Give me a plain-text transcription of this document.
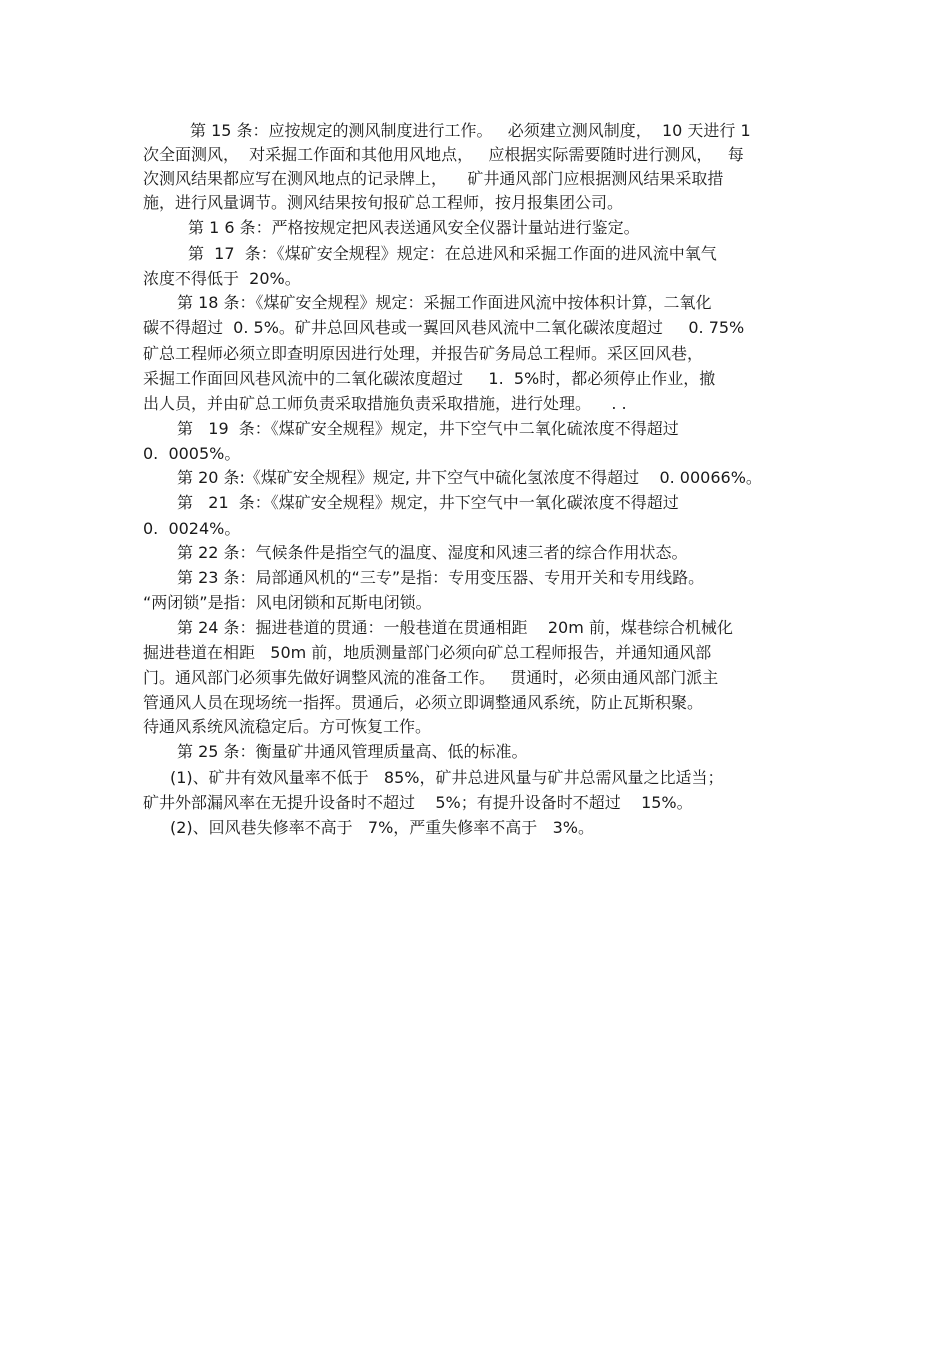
第 15 条：应按规定的测风制度进行工作。   必须建立测风制度，  10 天进行 1
次全面测风，  对采掘工作面和其他用风地点，   应根据实际需要随时进行测风，   每
次测风结果都应写在测风地点的记录牌上，    矿井通风部门应根据测风结果采取措
施，进行风量调节。测风结果按旬报矿总工程师，按月报集团公司。
第 1 6 条：严格按规定把风表送通风安全仪器计量站进行鉴定。
第  17  条：《煤矿安全规程》规定：在总进风和采掘工作面的进风流中氧气
浓度不得低于  20%。
第 18 条：《煤矿安全规程》规定：采掘工作面进风流中按体积计算，二氧化
碳不得超过  0. 5%。矿井总回风巷或一翼回风巷风流中二氧化碳浓度超过     0. 75%
矿总工程师必须立即查明原因进行处理，并报告矿务局总工程师。采区回风巷，
采掘工作面回风巷风流中的二氧化碳浓度超过     1.  5%时，都必须停止作业，撤
出人员，并由矿总工师负责采取措施负责采取措施，进行处理。    . .
第   19  条：《煤矿安全规程》规定，井下空气中二氧化硫浓度不得超过
0.  0005%。
第 20 条:《煤矿安全规程》规定, 井下空气中硫化氢浓度不得超过    0. 00066%。
第   21  条：《煤矿安全规程》规定，井下空气中一氧化碳浓度不得超过
0.  0024%。
第 22 条：气候条件是指空气的温度、湿度和风速三者的综合作用状态。
第 23 条：局部通风机的“三专”是指：专用变压器、专用开关和专用线路。
“两闭锁”是指：风电闭锁和瓦斯电闭锁。
第 24 条：掘进巷道的贯通：一般巷道在贯通相距    20m 前，煤巷综合机械化
掘进巷道在相距   50m 前，地质测量部门必须向矿总工程师报告，并通知通风部
门。通风部门必须事先做好调整风流的准备工作。   贯通时，必须由通风部门派主
管通风人员在现场统一指挥。贯通后，必须立即调整通风系统，防止瓦斯积聚。
待通风系统风流稳定后。方可恢复工作。
第 25 条：衡量矿井通风管理质量高、低的标准。
(1)、矿井有效风量率不低于   85%，矿井总进风量与矿井总需风量之比适当；
矿井外部漏风率在无提升设备时不超过    5%；有提升设备时不超过    15%。
(2)、回风巷失修率不高于   7%，严重失修率不高于   3%。
